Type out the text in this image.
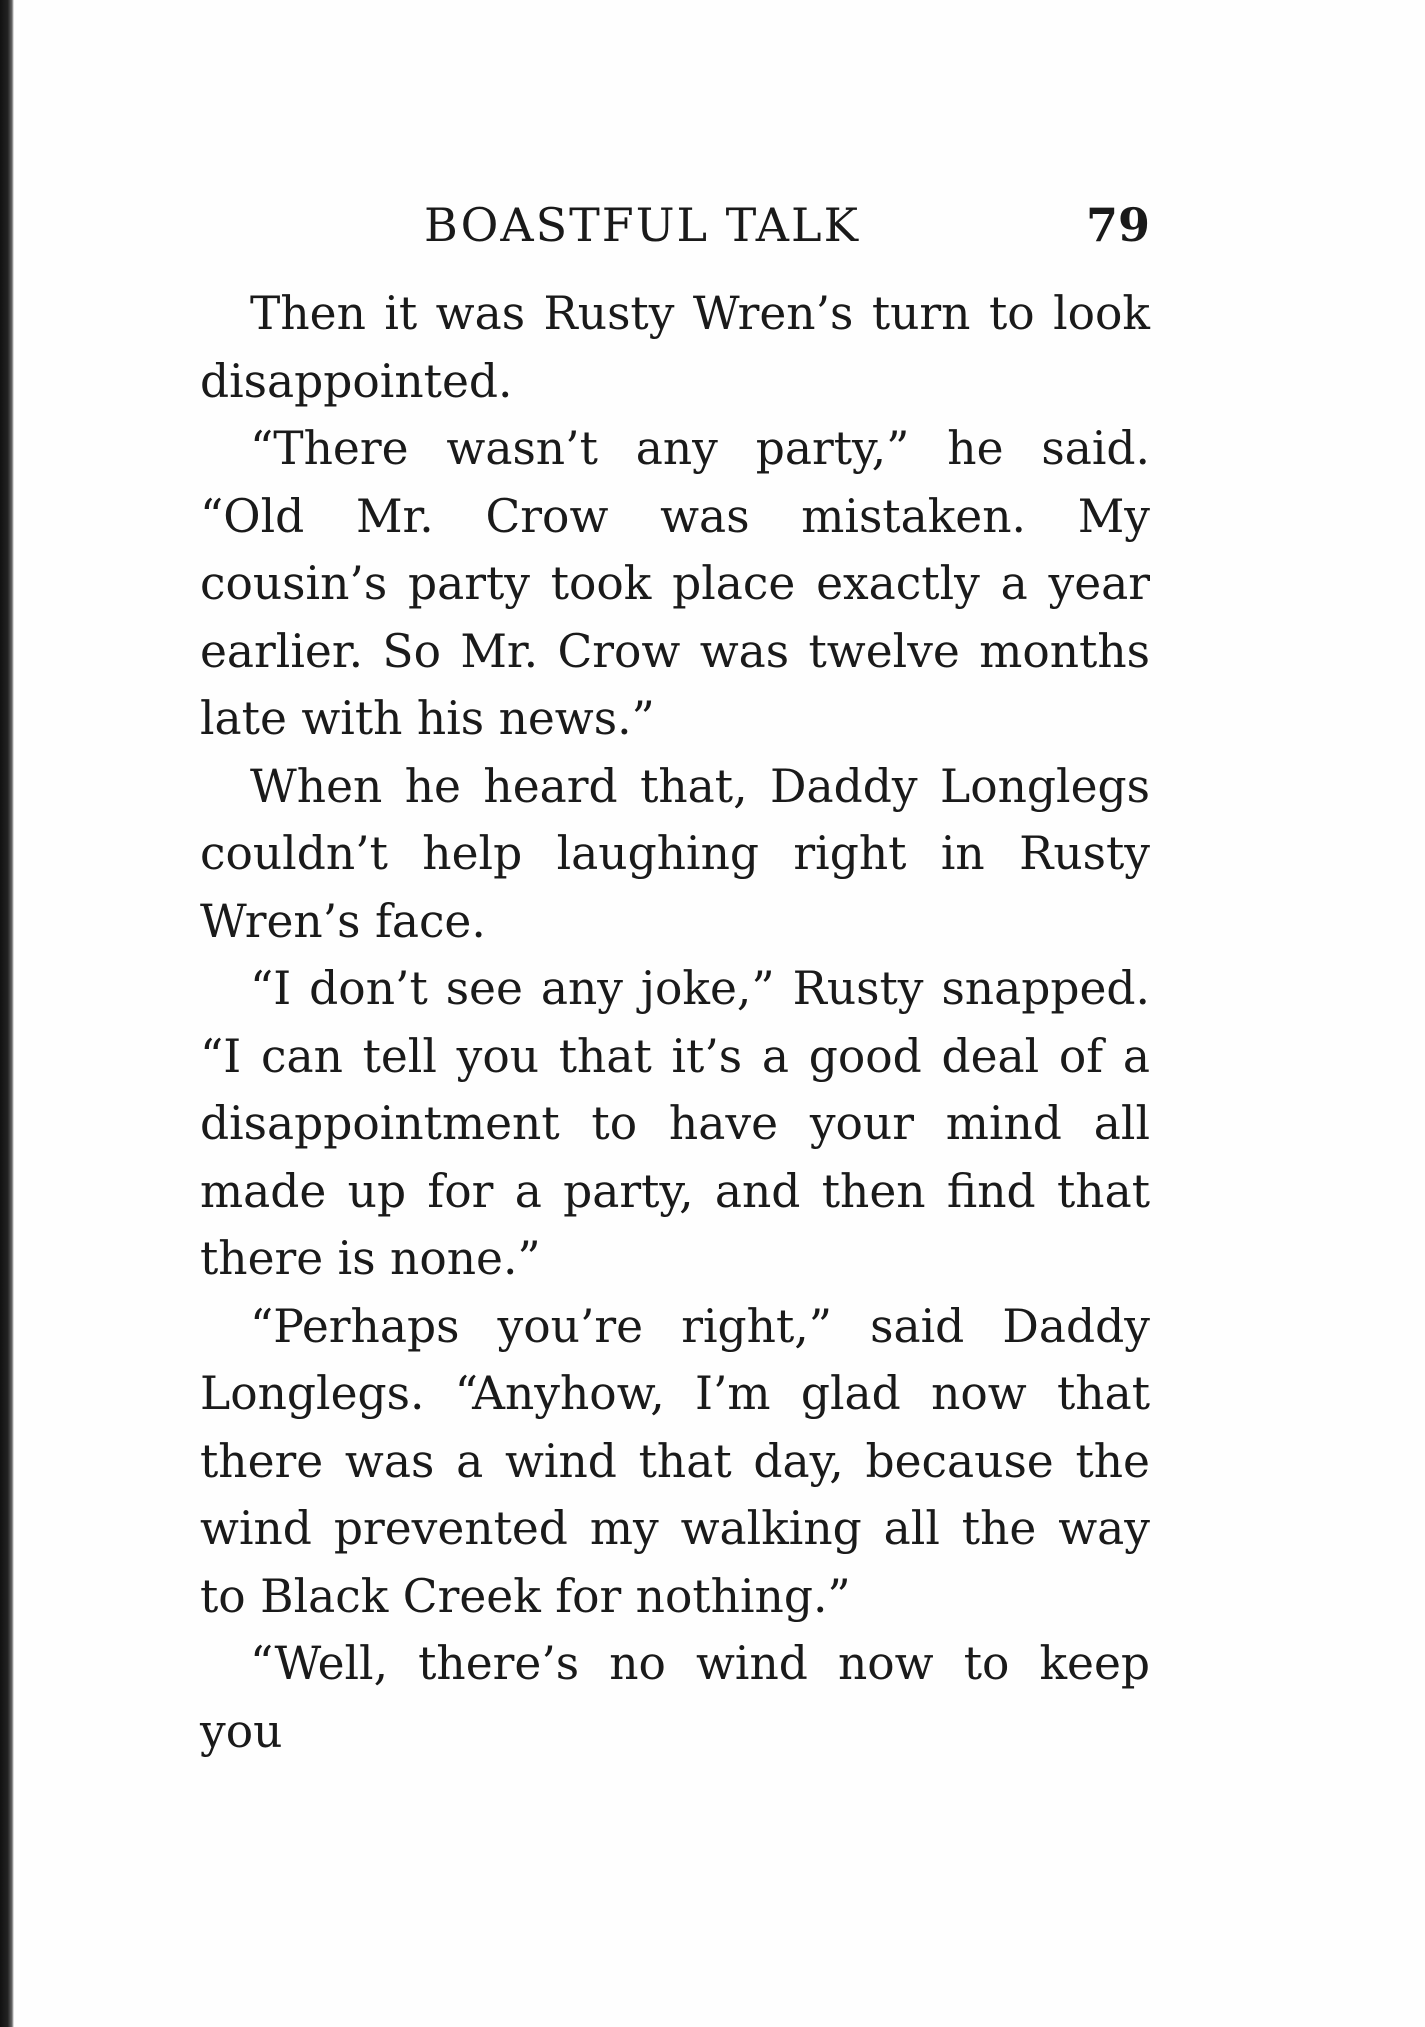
BOASTFUL TALK	79

Then it was Rusty Wren’s turn to look disappointed.

“There wasn’t any party,” he said. “Old Mr. Crow was mistaken. My cousin’s party took place exactly a year earlier. So Mr. Crow was twelve months late with his news.”

When he heard that, Daddy Longlegs couldn’t help laughing right in Rusty Wren’s face.

“I don’t see any joke,” Rusty snapped. “I can tell you that it’s a good deal of a disappointment to have your mind all made up for a party, and then find that there is none.”

“Perhaps you’re right,” said Daddy Longlegs. “Anyhow, I’m glad now that there was a wind that day, because the wind prevented my walking all the way to Black Creek for nothing.”

“Well, there’s no wind now to keep you
